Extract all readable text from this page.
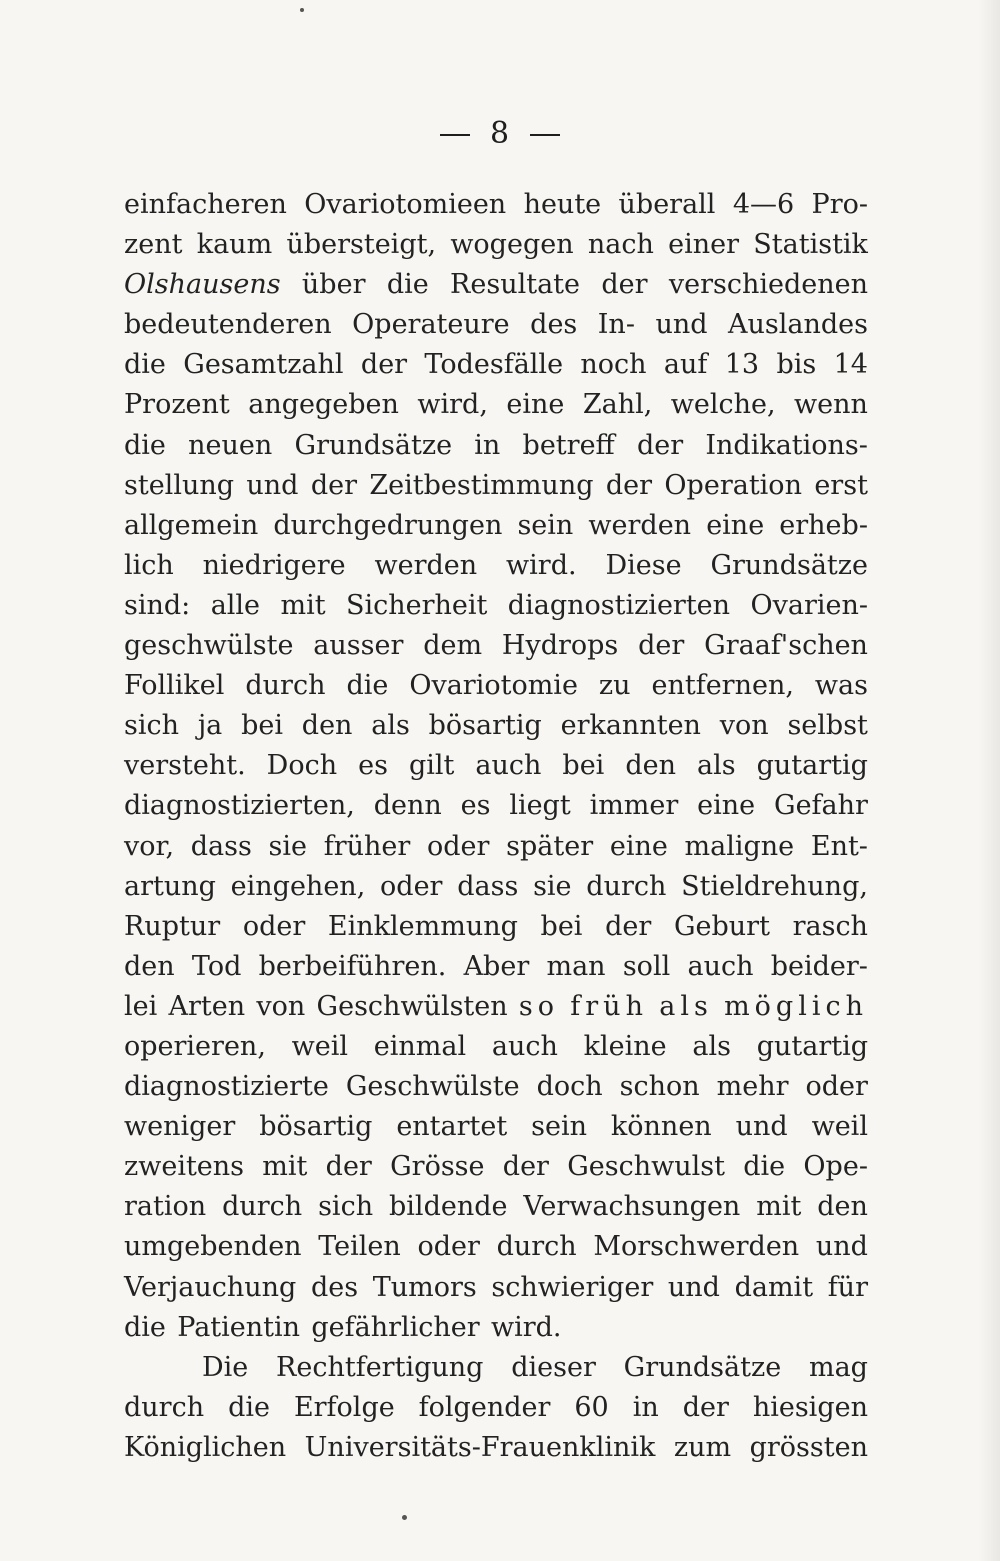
8
einfacheren Ovariotomieen heute überall 4—6 Pro-
zent kaum übersteigt, wogegen nach einer Statistik
Olshausens über die Resultate der verschiedenen
bedeutenderen Operateure des In- und Auslandes
die Gesamtzahl der Todesfälle noch auf 13 bis 14
Prozent angegeben wird, eine Zahl, welche, wenn
die neuen Grundsätze in betreff der Indikations-
stellung und der Zeitbestimmung der Operation erst
allgemein durchgedrungen sein werden eine erheb-
lich niedrigere werden wird. Diese Grundsätze
sind: alle mit Sicherheit diagnostizierten Ovarien-
geschwülste ausser dem Hydrops der Graaf'schen
Follikel durch die Ovariotomie zu entfernen, was
sich ja bei den als bösartig erkannten von selbst
versteht. Doch es gilt auch bei den als gutartig
diagnostizierten, denn es liegt immer eine Gefahr
vor, dass sie früher oder später eine maligne Ent-
artung eingehen, oder dass sie durch Stieldrehung,
Ruptur oder Einklemmung bei der Geburt rasch
den Tod berbeiführen. Aber man soll auch beider-
lei Arten von Geschwülsten so früh als möglich
operieren, weil einmal auch kleine als gutartig
diagnostizierte Geschwülste doch schon mehr oder
weniger bösartig entartet sein können und weil
zweitens mit der Grösse der Geschwulst die Ope-
ration durch sich bildende Verwachsungen mit den
umgebenden Teilen oder durch Morschwerden und
Verjauchung des Tumors schwieriger und damit für
die Patientin gefährlicher wird.
Die Rechtfertigung dieser Grundsätze mag
durch die Erfolge folgender 60 in der hiesigen
Königlichen Universitäts-Frauenklinik zum grössten
